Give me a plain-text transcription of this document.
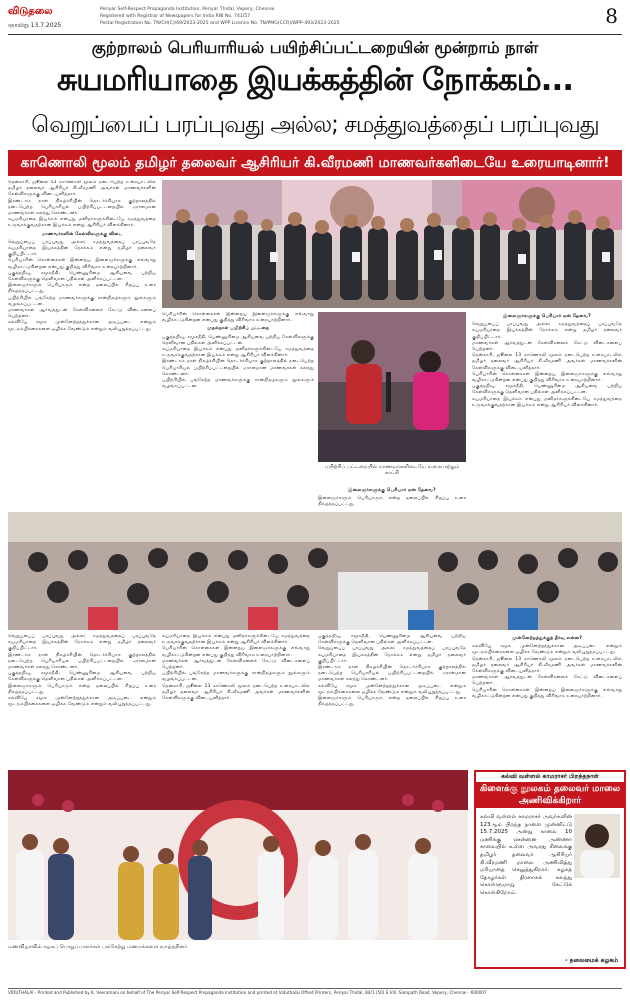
விடுதலை
ஞாயிறு 13.7.2025
Periyar Self-Respect Propaganda Institution, Periyar Thidal, Vepery, Chennai
Registered with Registrar of Newspapers for India RNI No. 741/57
Postal Registration No. TN/CH(C)/69/2023-2025 and WPP Licence No. TN/PMG(CCR)/WPP-493/2023-2025	8
குற்றாலம் பெரியாரியல் பயிற்சிப்பட்டறையின் மூன்றாம் நாள்
சுயமரியாதை இயக்கத்தின் நோக்கம்...
வெறுப்பைப் பரப்புவது அல்ல; சமத்துவத்தைப் பரப்புவது
காணொலி மூலம் தமிழர் தலைவர் ஆசிரியர் கி.வீரமணி மாணவர்களிடையே உரையாடினார்!

தென்காசி, ஜூலை 13 காணொலி மூலம் நடைபெற்ற உரையாடலில் தமிழர் தலைவர் ஆசிரியர் கி.வீரமணி அவர்கள் மாணவர்களின் கேள்விகளுக்கு விடையளித்தார்.

இரண்டாம் நாள் நிகழ்ச்சியின் தொடர்ச்சியாக குற்றாலத்தில் நடைபெற்ற பெரியாரியல் பயிற்சிப்பட்டறையில் ஏராளமான மாணவர்கள் கலந்து கொண்டனர்.

சுயமரியாதை இயக்கம் என்பது மனிதர்களுக்கிடையே சமத்துவத்தை உருவாக்குவதற்கான இயக்கம் என்று ஆசிரியர் விளக்கினார்.

மாணவர்களின் கேள்விகளுக்கு விடை

வெறுப்பைப் பரப்புவது அல்ல; சமத்துவத்தைப் பரப்புவதே சுயமரியாதை இயக்கத்தின் நோக்கம் என்று தமிழர் தலைவர் குறிப்பிட்டார்.

பெரியாரின் கொள்கைகள் இன்றைய இளைஞர்களுக்கு எவ்வாறு வழிகாட்டுகின்றன என்பது குறித்து விரிவாக உரையாற்றினார்.

பகுத்தறிவு, சமூகநீதி, பெண்ணுரிமை ஆகியவை பற்றிய கேள்விகளுக்கு தெளிவான பதில்கள் அளிக்கப்பட்டன.

இளைஞர்களும் பெரியாரும் என்ற தலைப்பில் சிறப்பு உரை நிகழ்த்தப்பட்டது.

பயிற்சியில் பங்கேற்ற மாணவர்களுக்கு சான்றிதழ்களும் நூல்களும் வழங்கப்பட்டன.

மாணவர்கள் ஆர்வத்துடன் கேள்விகளைக் கேட்டு விடைகளைப் பெற்றனர்.

கல்வியே சமூக முன்னேற்றத்துக்கான அடிப்படை என்றும் மூடநம்பிக்கைகளை ஒழிக்க வேண்டும் என்றும் வலியுறுத்தப்பட்டது.

பெரியாரின் கொள்கைகள் இன்றைய இளைஞர்களுக்கு எவ்வாறு வழிகாட்டுகின்றன என்பது குறித்து விரிவாக உரையாற்றினார்.

முதல்நாள் பயிற்சிப் பட்டறை

பகுத்தறிவு, சமூகநீதி, பெண்ணுரிமை ஆகியவை பற்றிய கேள்விகளுக்கு தெளிவான பதில்கள் அளிக்கப்பட்டன.

சுயமரியாதை இயக்கம் என்பது மனிதர்களுக்கிடையே சமத்துவத்தை உருவாக்குவதற்கான இயக்கம் என்று ஆசிரியர் விளக்கினார்.

இரண்டாம் நாள் நிகழ்ச்சியின் தொடர்ச்சியாக குற்றாலத்தில் நடைபெற்ற பெரியாரியல் பயிற்சிப்பட்டறையில் ஏராளமான மாணவர்கள் கலந்து கொண்டனர்.

பயிற்சியில் பங்கேற்ற மாணவர்களுக்கு சான்றிதழ்களும் நூல்களும் வழங்கப்பட்டன.

பயிற்சிப் பட்டறையில் மாணவர்களிடையே உரையாற்றும் காட்சி

இளைஞர்களுக்கு பெரியார் ஏன் தேவை?

இளைஞர்களும் பெரியாரும் என்ற தலைப்பில் சிறப்பு உரை நிகழ்த்தப்பட்டது.

இளைஞர்களுக்கு பெரியார் ஏன் தேவை?

வெறுப்பைப் பரப்புவது அல்ல; சமத்துவத்தைப் பரப்புவதே சுயமரியாதை இயக்கத்தின் நோக்கம் என்று தமிழர் தலைவர் குறிப்பிட்டார்.

மாணவர்கள் ஆர்வத்துடன் கேள்விகளைக் கேட்டு விடைகளைப் பெற்றனர்.

தென்காசி, ஜூலை 13 காணொலி மூலம் நடைபெற்ற உரையாடலில் தமிழர் தலைவர் ஆசிரியர் கி.வீரமணி அவர்கள் மாணவர்களின் கேள்விகளுக்கு விடையளித்தார்.

பெரியாரின் கொள்கைகள் இன்றைய இளைஞர்களுக்கு எவ்வாறு வழிகாட்டுகின்றன என்பது குறித்து விரிவாக உரையாற்றினார்.

பகுத்தறிவு, சமூகநீதி, பெண்ணுரிமை ஆகியவை பற்றிய கேள்விகளுக்கு தெளிவான பதில்கள் அளிக்கப்பட்டன.

சுயமரியாதை இயக்கம் என்பது மனிதர்களுக்கிடையே சமத்துவத்தை உருவாக்குவதற்கான இயக்கம் என்று ஆசிரியர் விளக்கினார்.

வெறுப்பைப் பரப்புவது அல்ல; சமத்துவத்தைப் பரப்புவதே சுயமரியாதை இயக்கத்தின் நோக்கம் என்று தமிழர் தலைவர் குறிப்பிட்டார்.

இரண்டாம் நாள் நிகழ்ச்சியின் தொடர்ச்சியாக குற்றாலத்தில் நடைபெற்ற பெரியாரியல் பயிற்சிப்பட்டறையில் ஏராளமான மாணவர்கள் கலந்து கொண்டனர்.

பகுத்தறிவு, சமூகநீதி, பெண்ணுரிமை ஆகியவை பற்றிய கேள்விகளுக்கு தெளிவான பதில்கள் அளிக்கப்பட்டன.

இளைஞர்களும் பெரியாரும் என்ற தலைப்பில் சிறப்பு உரை நிகழ்த்தப்பட்டது.

கல்வியே சமூக முன்னேற்றத்துக்கான அடிப்படை என்றும் மூடநம்பிக்கைகளை ஒழிக்க வேண்டும் என்றும் வலியுறுத்தப்பட்டது.

சுயமரியாதை இயக்கம் என்பது மனிதர்களுக்கிடையே சமத்துவத்தை உருவாக்குவதற்கான இயக்கம் என்று ஆசிரியர் விளக்கினார்.

பெரியாரின் கொள்கைகள் இன்றைய இளைஞர்களுக்கு எவ்வாறு வழிகாட்டுகின்றன என்பது குறித்து விரிவாக உரையாற்றினார்.

மாணவர்கள் ஆர்வத்துடன் கேள்விகளைக் கேட்டு விடைகளைப் பெற்றனர்.

பயிற்சியில் பங்கேற்ற மாணவர்களுக்கு சான்றிதழ்களும் நூல்களும் வழங்கப்பட்டன.

தென்காசி, ஜூலை 13 காணொலி மூலம் நடைபெற்ற உரையாடலில் தமிழர் தலைவர் ஆசிரியர் கி.வீரமணி அவர்கள் மாணவர்களின் கேள்விகளுக்கு விடையளித்தார்.

பகுத்தறிவு, சமூகநீதி, பெண்ணுரிமை ஆகியவை பற்றிய கேள்விகளுக்கு தெளிவான பதில்கள் அளிக்கப்பட்டன.

வெறுப்பைப் பரப்புவது அல்ல; சமத்துவத்தைப் பரப்புவதே சுயமரியாதை இயக்கத்தின் நோக்கம் என்று தமிழர் தலைவர் குறிப்பிட்டார்.

இரண்டாம் நாள் நிகழ்ச்சியின் தொடர்ச்சியாக குற்றாலத்தில் நடைபெற்ற பெரியாரியல் பயிற்சிப்பட்டறையில் ஏராளமான மாணவர்கள் கலந்து கொண்டனர்.

கல்வியே சமூக முன்னேற்றத்துக்கான அடிப்படை என்றும் மூடநம்பிக்கைகளை ஒழிக்க வேண்டும் என்றும் வலியுறுத்தப்பட்டது.

இளைஞர்களும் பெரியாரும் என்ற தலைப்பில் சிறப்பு உரை நிகழ்த்தப்பட்டது.

முன்னேற்றத்துக்குத் தீர்வு என்ன?

கல்வியே சமூக முன்னேற்றத்துக்கான அடிப்படை என்றும் மூடநம்பிக்கைகளை ஒழிக்க வேண்டும் என்றும் வலியுறுத்தப்பட்டது.

தென்காசி, ஜூலை 13 காணொலி மூலம் நடைபெற்ற உரையாடலில் தமிழர் தலைவர் ஆசிரியர் கி.வீரமணி அவர்கள் மாணவர்களின் கேள்விகளுக்கு விடையளித்தார்.

மாணவர்கள் ஆர்வத்துடன் கேள்விகளைக் கேட்டு விடைகளைப் பெற்றனர்.

பெரியாரின் கொள்கைகள் இன்றைய இளைஞர்களுக்கு எவ்வாறு வழிகாட்டுகின்றன என்பது குறித்து விரிவாக உரையாற்றினார்.

மணவிழாவில் கழகப் பொறுப்பாளர்கள் பங்கேற்று மணமக்களை வாழ்த்தினர்
கல்வி வள்ளல் காமராசர் பிறந்தநாள்
கிளைக்கு நூலகம் தலைவர் மாலை அணிவிக்கிறார்
கல்வி வள்ளல் காமராசர் அவர்களின் 123ஆம் பிறந்த நாளை முன்னிட்டு 15.7.2025 அன்று காலை 10 மணிக்கு சென்னை அண்ணா சாலையில் உள்ள அவரது சிலைக்கு தமிழர் தலைவர் ஆசிரியர் கி.வீரமணி மாலை அணிவித்து மரியாதை செலுத்துகிறார். கழகத் தோழர்கள் திரளாகக் கலந்து கொள்ளுமாறு கேட்டுக் கொள்கிறோம்.
- தலைமைக் கழகம்
VIDUTHALAI - Printed and Published by K. Veeramani on behalf of The Periyar Self-Respect Propaganda Institution and printed at Viduthalai Offset Printers, Periyar Thidal, 84/1 (50) E.V.K. Sampath Road, Vepery, Chennai - 600007
